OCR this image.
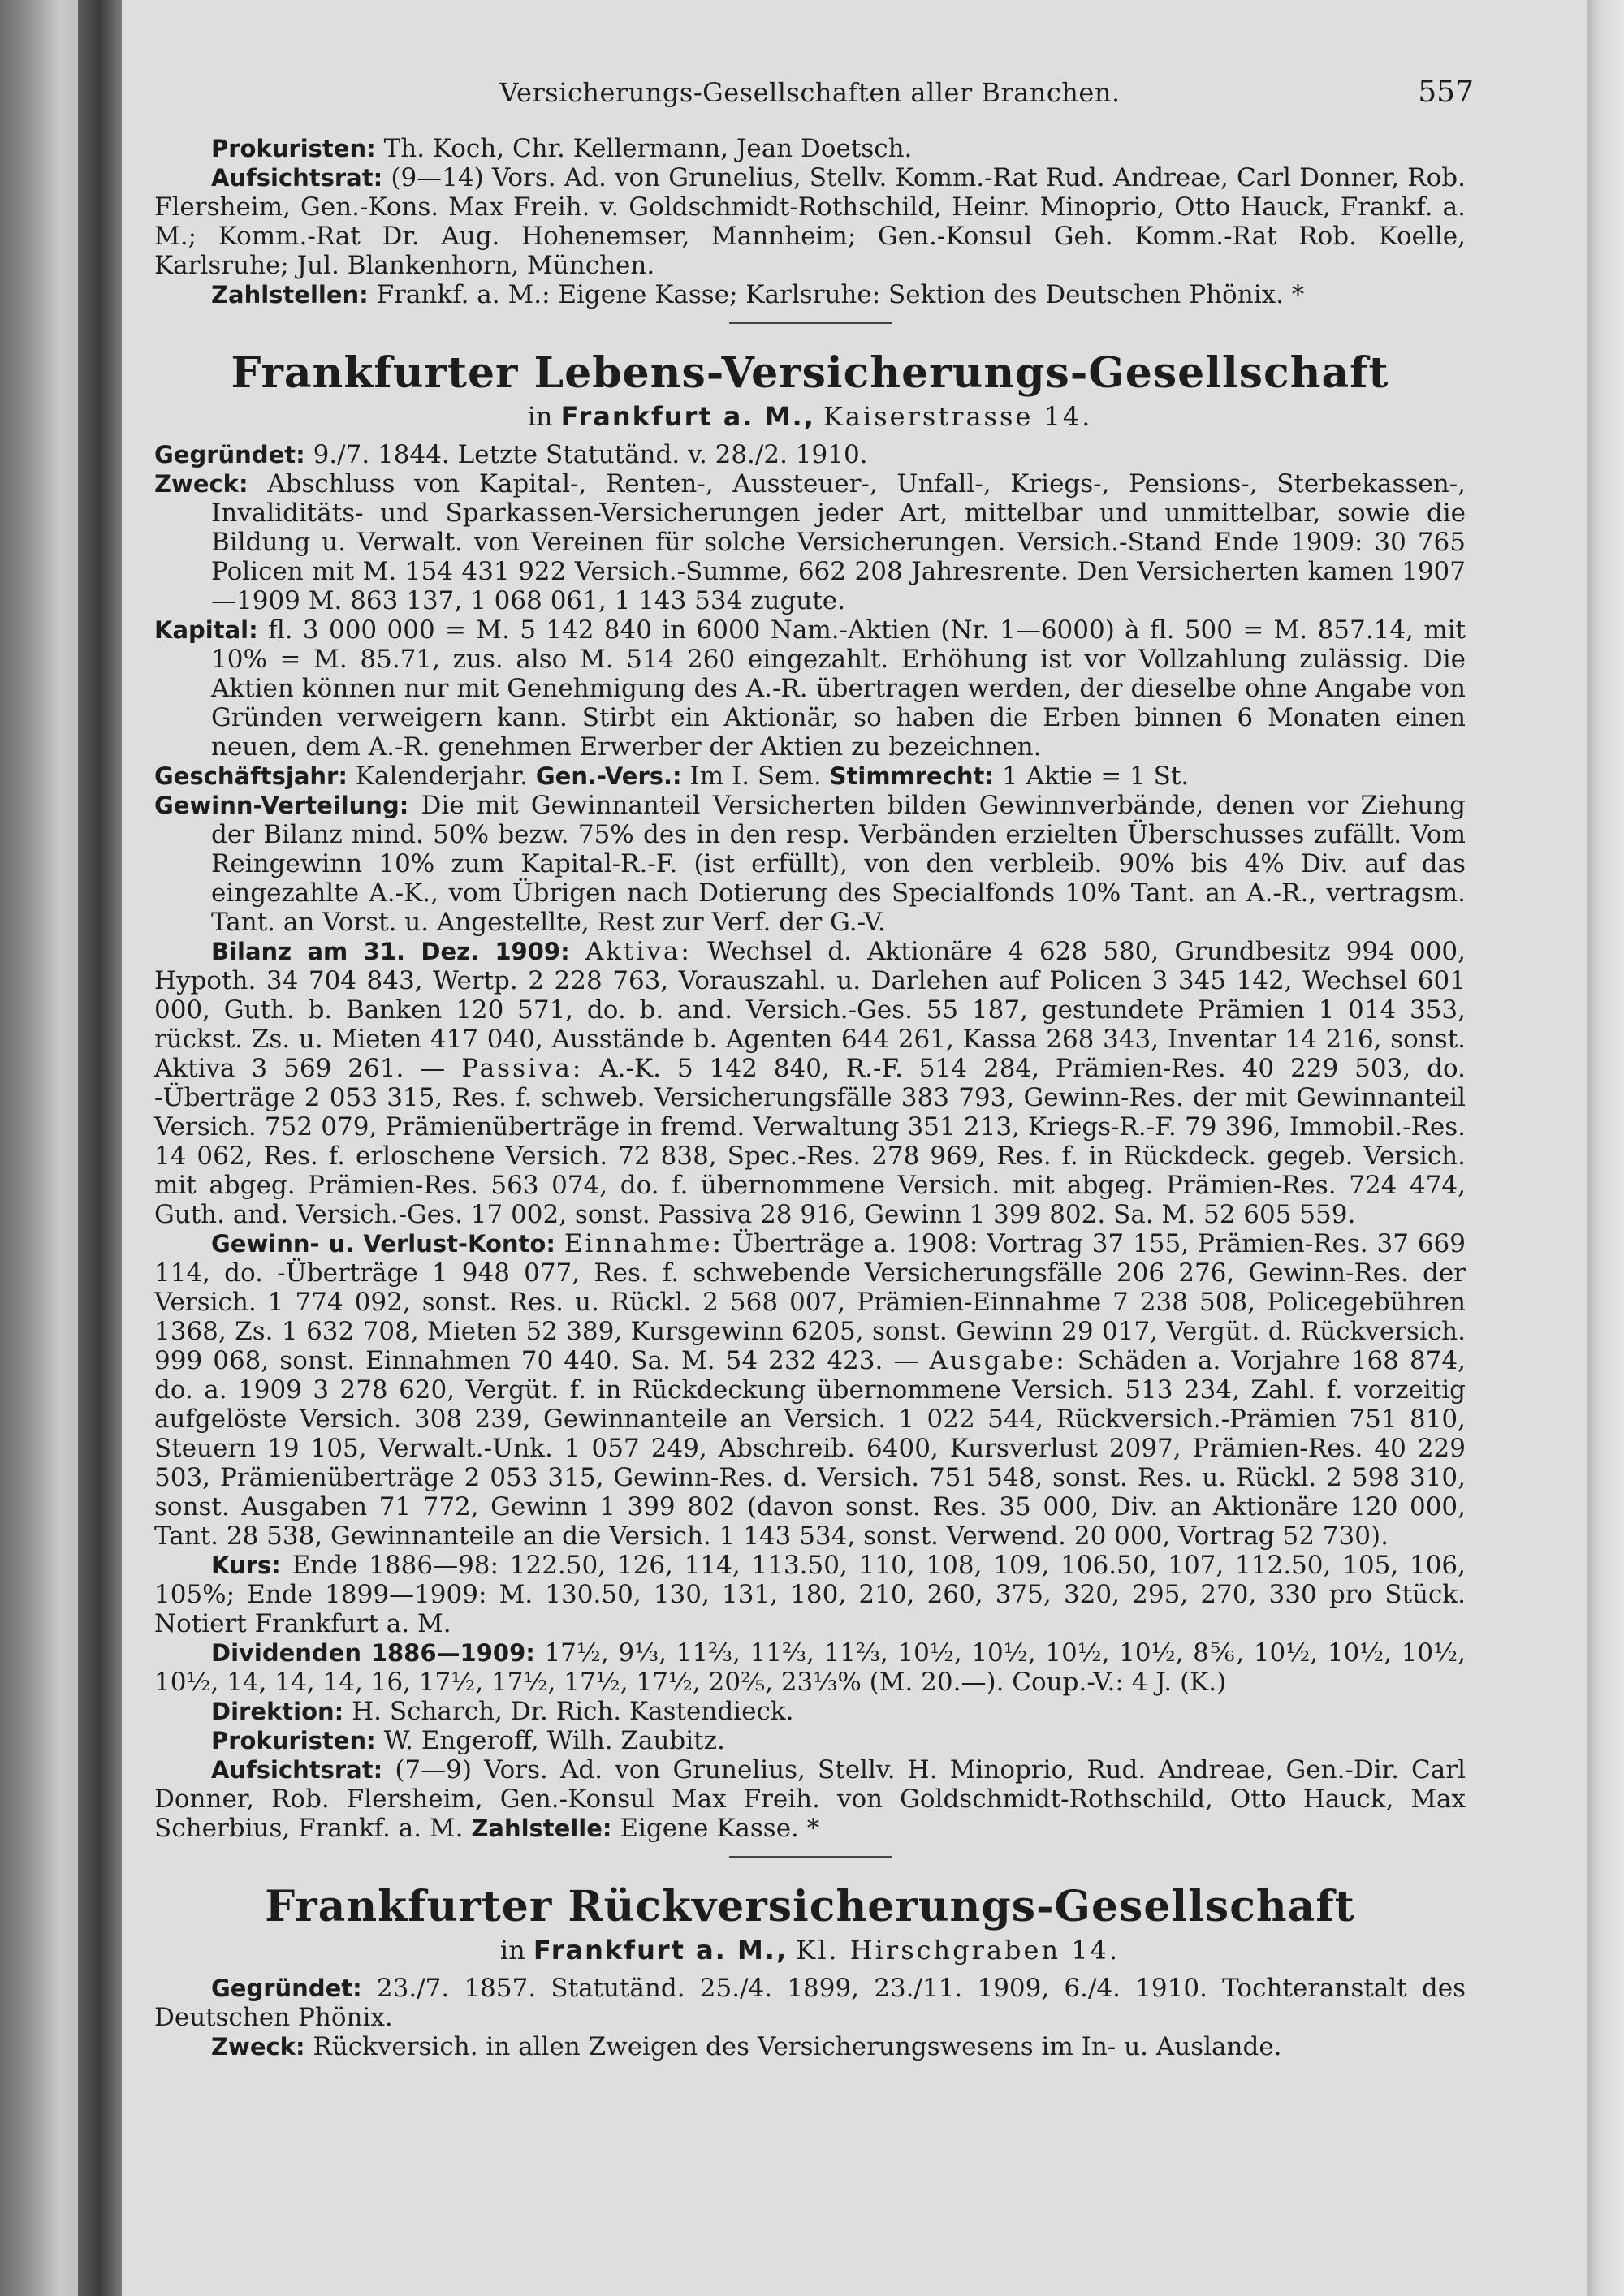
Versicherungs-Gesellschaften aller Branchen.	557

Prokuristen: Th. Koch, Chr. Kellermann, Jean Doetsch.

Aufsichtsrat: (9—14) Vors. Ad. von Grunelius, Stellv. Komm.-Rat Rud. Andreae, Carl Donner, Rob. Flersheim, Gen.-Kons. Max Freih. v. Goldschmidt-Rothschild, Heinr. Minoprio, Otto Hauck, Frankf. a. M.; Komm.-Rat Dr. Aug. Hohenemser, Mannheim; Gen.-Konsul Geh. Komm.-Rat Rob. Koelle, Karlsruhe; Jul. Blankenhorn, München.

Zahlstellen: Frankf. a. M.: Eigene Kasse; Karlsruhe: Sektion des Deutschen Phönix. *

Frankfurter Lebens-Versicherungs-Gesellschaft
in Frankfurt a. M., Kaiserstrasse 14.

Gegründet: 9./7. 1844. Letzte Statutänd. v. 28./2. 1910.

Zweck: Abschluss von Kapital-, Renten-, Aussteuer-, Unfall-, Kriegs-, Pensions-, Sterbekassen-, Invaliditäts- und Sparkassen-Versicherungen jeder Art, mittelbar und unmittelbar, sowie die Bildung u. Verwalt. von Vereinen für solche Versicherungen. Versich.-Stand Ende 1909: 30 765 Policen mit M. 154 431 922 Versich.-Summe, 662 208 Jahresrente. Den Versicherten kamen 1907—1909 M. 863 137, 1 068 061, 1 143 534 zugute.

Kapital: fl. 3 000 000 = M. 5 142 840 in 6000 Nam.-Aktien (Nr. 1—6000) à fl. 500 = M. 857.14, mit 10% = M. 85.71, zus. also M. 514 260 eingezahlt. Erhöhung ist vor Vollzahlung zulässig. Die Aktien können nur mit Genehmigung des A.-R. übertragen werden, der dieselbe ohne Angabe von Gründen verweigern kann. Stirbt ein Aktionär, so haben die Erben binnen 6 Monaten einen neuen, dem A.-R. genehmen Erwerber der Aktien zu bezeichnen.

Geschäftsjahr: Kalenderjahr. Gen.-Vers.: Im I. Sem. Stimmrecht: 1 Aktie = 1 St.

Gewinn-Verteilung: Die mit Gewinnanteil Versicherten bilden Gewinnverbände, denen vor Ziehung der Bilanz mind. 50% bezw. 75% des in den resp. Verbänden erzielten Überschusses zufällt. Vom Reingewinn 10% zum Kapital-R.-F. (ist erfüllt), von den verbleib. 90% bis 4% Div. auf das eingezahlte A.-K., vom Übrigen nach Dotierung des Specialfonds 10% Tant. an A.-R., vertragsm. Tant. an Vorst. u. Angestellte, Rest zur Verf. der G.-V.

Bilanz am 31. Dez. 1909: Aktiva: Wechsel d. Aktionäre 4 628 580, Grundbesitz 994 000, Hypoth. 34 704 843, Wertp. 2 228 763, Vorauszahl. u. Darlehen auf Policen 3 345 142, Wechsel 601 000, Guth. b. Banken 120 571, do. b. and. Versich.-Ges. 55 187, gestundete Prämien 1 014 353, rückst. Zs. u. Mieten 417 040, Ausstände b. Agenten 644 261, Kassa 268 343, Inventar 14 216, sonst. Aktiva 3 569 261. — Passiva: A.-K. 5 142 840, R.-F. 514 284, Prämien-Res. 40 229 503, do. -Überträge 2 053 315, Res. f. schweb. Versicherungsfälle 383 793, Gewinn-Res. der mit Gewinnanteil Versich. 752 079, Prämienüberträge in fremd. Verwaltung 351 213, Kriegs-R.-F. 79 396, Immobil.-Res. 14 062, Res. f. erloschene Versich. 72 838, Spec.-Res. 278 969, Res. f. in Rückdeck. gegeb. Versich. mit abgeg. Prämien-Res. 563 074, do. f. übernommene Versich. mit abgeg. Prämien-Res. 724 474, Guth. and. Versich.-Ges. 17 002, sonst. Passiva 28 916, Gewinn 1 399 802. Sa. M. 52 605 559.

Gewinn- u. Verlust-Konto: Einnahme: Überträge a. 1908: Vortrag 37 155, Prämien-Res. 37 669 114, do. -Überträge 1 948 077, Res. f. schwebende Versicherungsfälle 206 276, Gewinn-Res. der Versich. 1 774 092, sonst. Res. u. Rückl. 2 568 007, Prämien-Einnahme 7 238 508, Policegebühren 1368, Zs. 1 632 708, Mieten 52 389, Kursgewinn 6205, sonst. Gewinn 29 017, Vergüt. d. Rückversich. 999 068, sonst. Einnahmen 70 440. Sa. M. 54 232 423. — Ausgabe: Schäden a. Vorjahre 168 874, do. a. 1909 3 278 620, Vergüt. f. in Rückdeckung übernommene Versich. 513 234, Zahl. f. vorzeitig aufgelöste Versich. 308 239, Gewinnanteile an Versich. 1 022 544, Rückversich.-Prämien 751 810, Steuern 19 105, Verwalt.-Unk. 1 057 249, Abschreib. 6400, Kursverlust 2097, Prämien-Res. 40 229 503, Prämienüberträge 2 053 315, Gewinn-Res. d. Versich. 751 548, sonst. Res. u. Rückl. 2 598 310, sonst. Ausgaben 71 772, Gewinn 1 399 802 (davon sonst. Res. 35 000, Div. an Aktionäre 120 000, Tant. 28 538, Gewinnanteile an die Versich. 1 143 534, sonst. Verwend. 20 000, Vortrag 52 730).

Kurs: Ende 1886—98: 122.50, 126, 114, 113.50, 110, 108, 109, 106.50, 107, 112.50, 105, 106, 105%; Ende 1899—1909: M. 130.50, 130, 131, 180, 210, 260, 375, 320, 295, 270, 330 pro Stück. Notiert Frankfurt a. M.

Dividenden 1886—1909: 17½, 9⅓, 11⅔, 11⅔, 11⅔, 10½, 10½, 10½, 10½, 8⅚, 10½, 10½, 10½, 10½, 14, 14, 14, 16, 17½, 17½, 17½, 17½, 20⅖, 23⅓% (M. 20.—). Coup.-V.: 4 J. (K.)

Direktion: H. Scharch, Dr. Rich. Kastendieck.

Prokuristen: W. Engeroff, Wilh. Zaubitz.

Aufsichtsrat: (7—9) Vors. Ad. von Grunelius, Stellv. H. Minoprio, Rud. Andreae, Gen.-Dir. Carl Donner, Rob. Flersheim, Gen.-Konsul Max Freih. von Goldschmidt-Rothschild, Otto Hauck, Max Scherbius, Frankf. a. M. Zahlstelle: Eigene Kasse. *

Frankfurter Rückversicherungs-Gesellschaft
in Frankfurt a. M., Kl. Hirschgraben 14.

Gegründet: 23./7. 1857. Statutänd. 25./4. 1899, 23./11. 1909, 6./4. 1910. Tochteranstalt des Deutschen Phönix.

Zweck: Rückversich. in allen Zweigen des Versicherungswesens im In- u. Auslande.
